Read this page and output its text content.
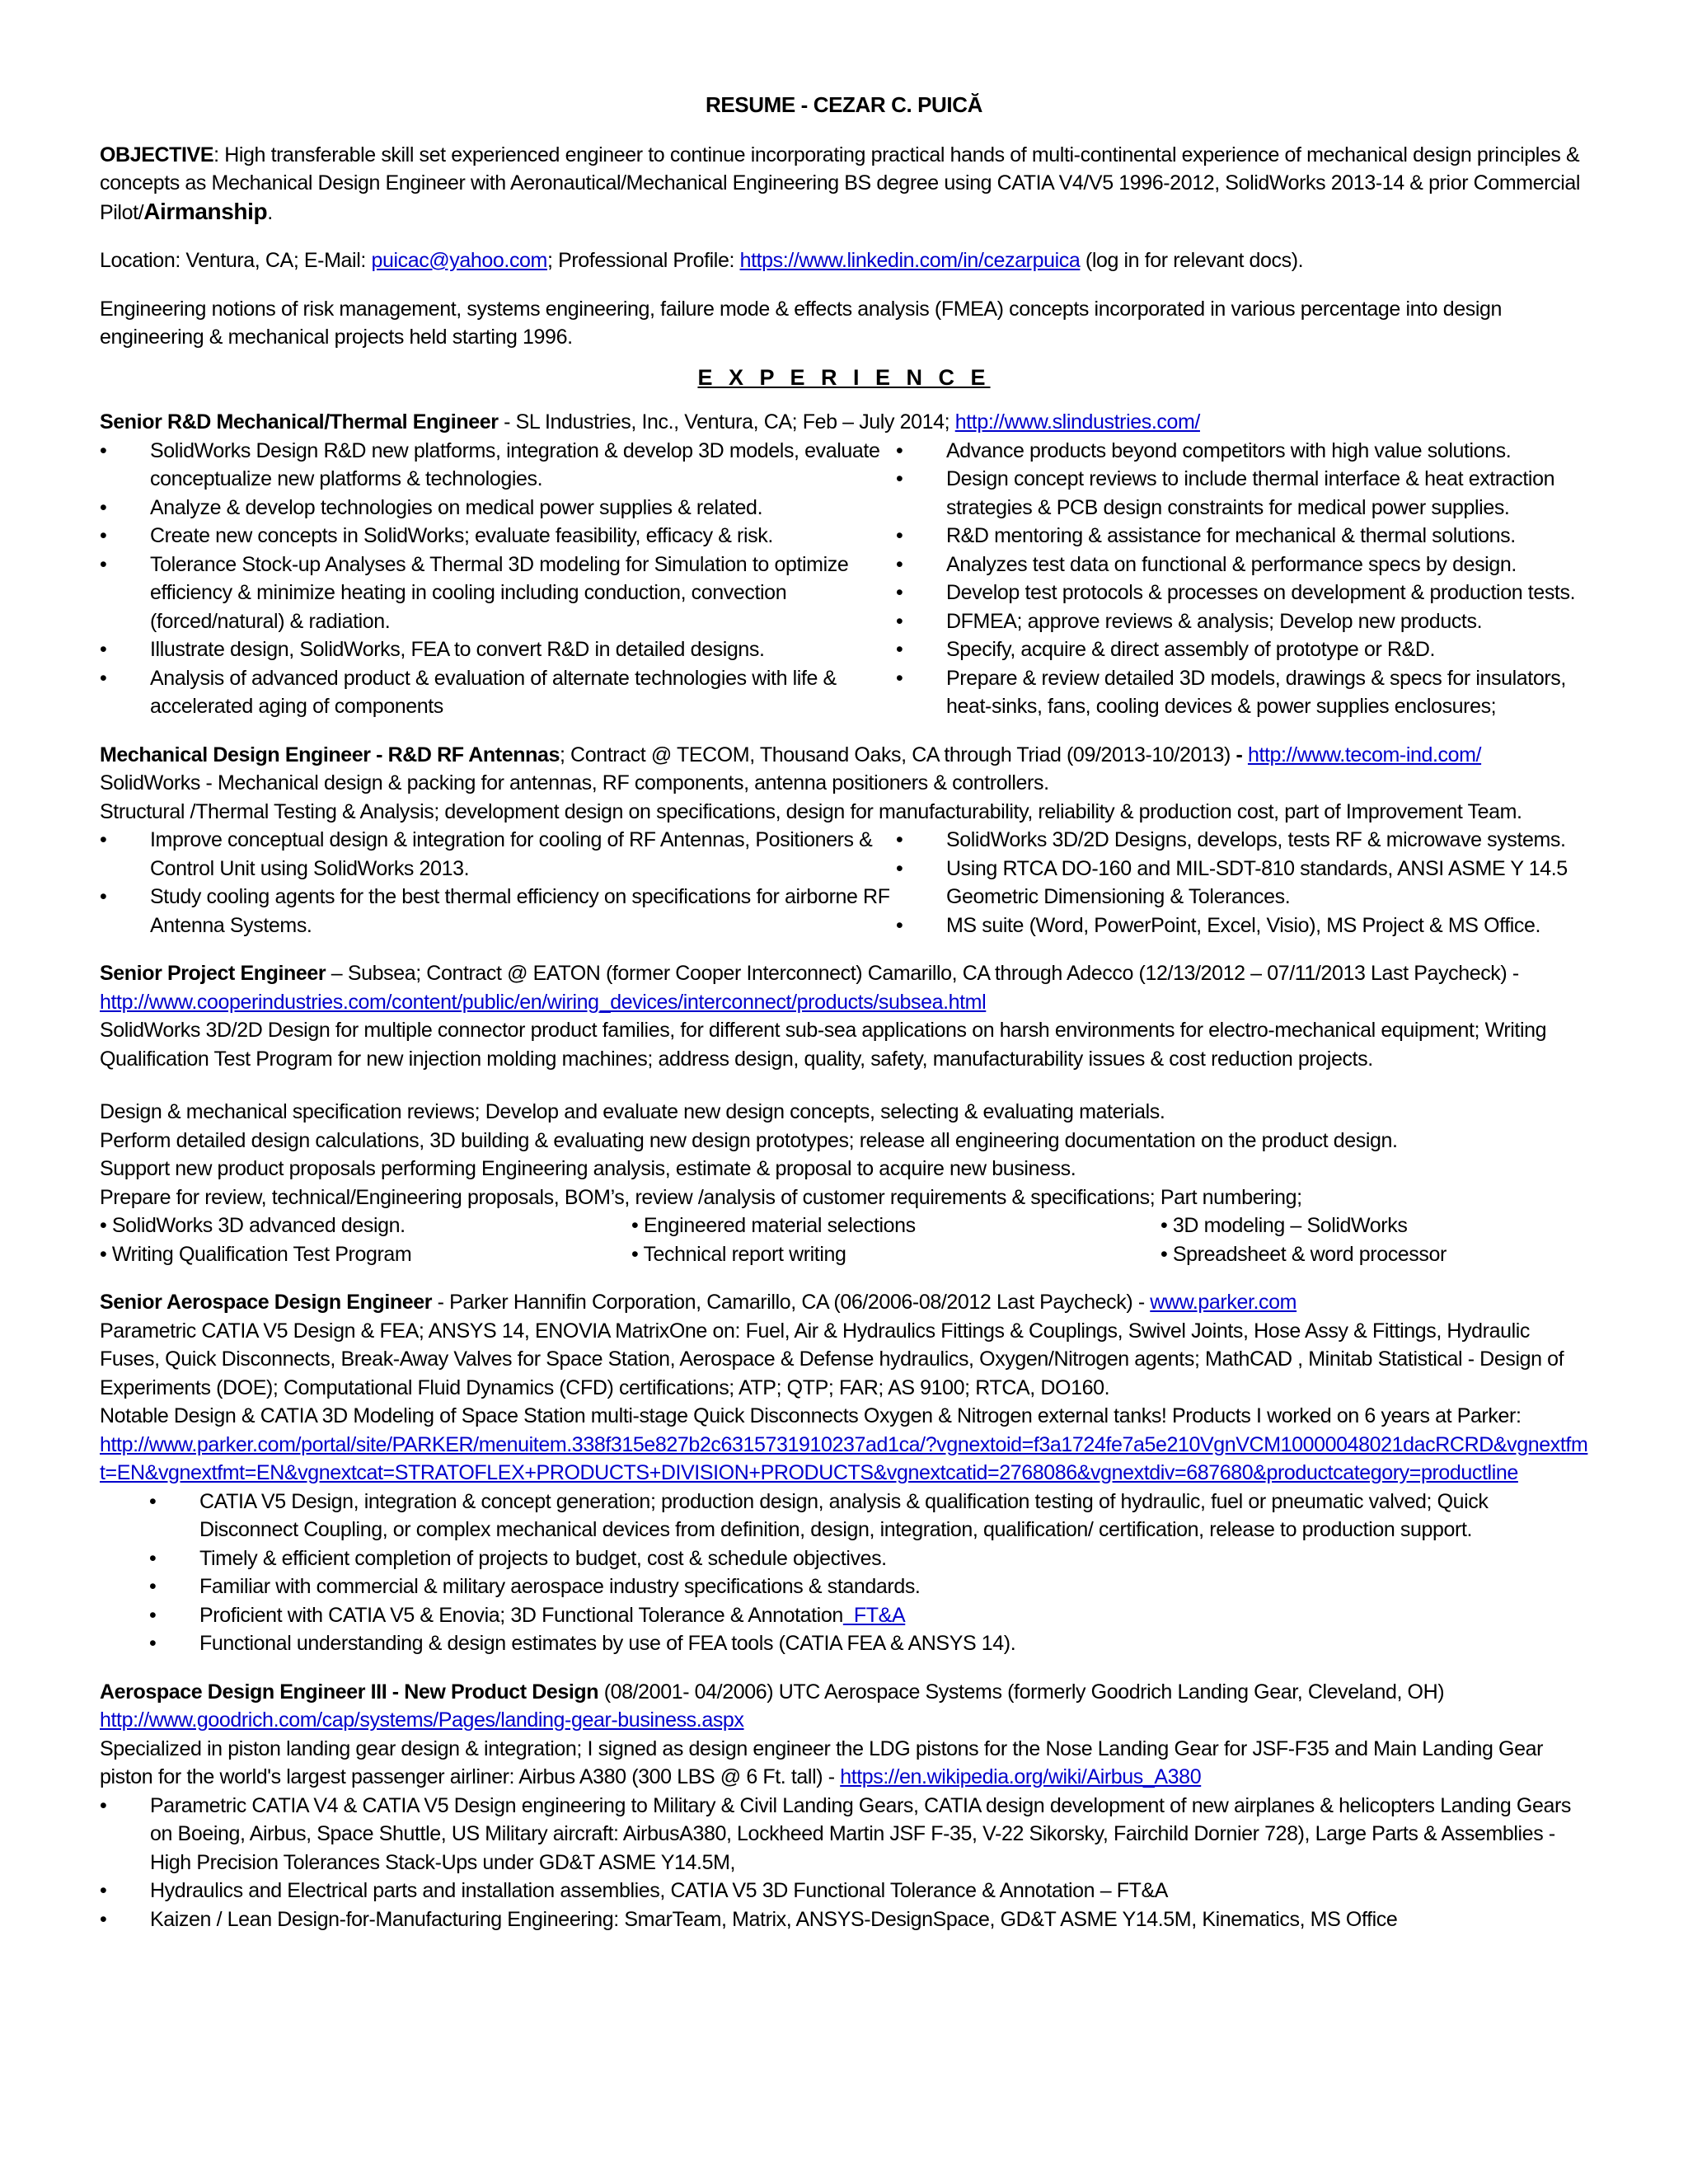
RESUME - CEZAR C. PUICĂ

OBJECTIVE: High transferable skill set experienced engineer to continue incorporating practical hands of multi-continental experience of mechanical design principles & concepts as Mechanical Design Engineer with Aeronautical/Mechanical Engineering BS degree using CATIA V4/V5 1996-2012, SolidWorks 2013-14 & prior Commercial Pilot/Airmanship.

Location: Ventura, CA; E-Mail: puicac@yahoo.com; Professional Profile: https://www.linkedin.com/in/cezarpuica (log in for relevant docs).

Engineering notions of risk management, systems engineering, failure mode & effects analysis (FMEA) concepts incorporated in various percentage into design engineering & mechanical projects held starting 1996.

E X P E R I E N C E

Senior R&D Mechanical/Thermal Engineer - SL Industries, Inc., Ventura, CA; Feb – July 2014; http://www.slindustries.com/

• SolidWorks Design R&D new platforms, integration & develop 3D models, evaluate conceptualize new platforms & technologies.
• Analyze & develop technologies on medical power supplies & related.
• Create new concepts in SolidWorks; evaluate feasibility, efficacy & risk.
• Tolerance Stock-up Analyses & Thermal 3D modeling for Simulation to optimize efficiency & minimize heating in cooling including conduction, convection (forced/natural) & radiation.
• Illustrate design, SolidWorks, FEA to convert R&D in detailed designs.
• Analysis of advanced product & evaluation of alternate technologies with life & accelerated aging of components
• Advance products beyond competitors with high value solutions.
• Design concept reviews to include thermal interface & heat extraction strategies & PCB design constraints for medical power supplies.
• R&D mentoring & assistance for mechanical & thermal solutions.
• Analyzes test data on functional & performance specs by design.
• Develop test protocols & processes on development & production tests.
• DFMEA; approve reviews & analysis; Develop new products.
• Specify, acquire & direct assembly of prototype or R&D.
• Prepare & review detailed 3D models, drawings & specs for insulators, heat-sinks, fans, cooling devices & power supplies enclosures;

Mechanical Design Engineer - R&D RF Antennas; Contract @ TECOM, Thousand Oaks, CA through Triad (09/2013-10/2013) - http://www.tecom-ind.com/

SolidWorks - Mechanical design & packing for antennas, RF components, antenna positioners & controllers.

Structural /Thermal Testing & Analysis; development design on specifications, design for manufacturability, reliability & production cost, part of Improvement Team.

• Improve conceptual design & integration for cooling of RF Antennas, Positioners & Control Unit using SolidWorks 2013.
• Study cooling agents for the best thermal efficiency on specifications for airborne RF Antenna Systems.
• SolidWorks 3D/2D Designs, develops, tests RF & microwave systems.
• Using RTCA DO-160 and MIL-SDT-810 standards, ANSI ASME Y 14.5 Geometric Dimensioning & Tolerances.
• MS suite (Word, PowerPoint, Excel, Visio), MS Project & MS Office.

Senior Project Engineer – Subsea; Contract @ EATON (former Cooper Interconnect) Camarillo, CA through Adecco (12/13/2012 – 07/11/2013 Last Paycheck) -

http://www.cooperindustries.com/content/public/en/wiring_devices/interconnect/products/subsea.html

SolidWorks 3D/2D Design for multiple connector product families, for different sub-sea applications on harsh environments for electro-mechanical equipment; Writing Qualification Test Program for new injection molding machines; address design, quality, safety, manufacturability issues & cost reduction projects.

Design & mechanical specification reviews; Develop and evaluate new design concepts, selecting & evaluating materials.

Perform detailed design calculations, 3D building & evaluating new design prototypes; release all engineering documentation on the product design.

Support new product proposals performing Engineering analysis, estimate & proposal to acquire new business.

Prepare for review, technical/Engineering proposals, BOM’s, review /analysis of customer requirements & specifications; Part numbering;

• SolidWorks 3D advanced design.	• Engineered material selections	• 3D modeling – SolidWorks
• Writing Qualification Test Program	• Technical report writing	• Spreadsheet & word processor

Senior Aerospace Design Engineer - Parker Hannifin Corporation, Camarillo, CA (06/2006-08/2012 Last Paycheck) - www.parker.com

Parametric CATIA V5 Design & FEA; ANSYS 14, ENOVIA MatrixOne on: Fuel, Air & Hydraulics Fittings & Couplings, Swivel Joints, Hose Assy & Fittings, Hydraulic Fuses, Quick Disconnects, Break-Away Valves for Space Station, Aerospace & Defense hydraulics, Oxygen/Nitrogen agents; MathCAD , Minitab Statistical - Design of Experiments (DOE); Computational Fluid Dynamics (CFD) certifications; ATP; QTP; FAR; AS 9100; RTCA, DO160.

Notable Design & CATIA 3D Modeling of Space Station multi-stage Quick Disconnects Oxygen & Nitrogen external tanks! Products I worked on 6 years at Parker:

http://www.parker.com/portal/site/PARKER/menuitem.338f315e827b2c6315731910237ad1ca/?vgnextoid=f3a1724fe7a5e210VgnVCM10000048021dacRCRD&vgnextfmt=EN&vgnextfmt=EN&vgnextcat=STRATOFLEX+PRODUCTS+DIVISION+PRODUCTS&vgnextcatid=2768086&vgnextdiv=687680&productcategory=productline

• CATIA V5 Design, integration & concept generation; production design, analysis & qualification testing of hydraulic, fuel or pneumatic valved; Quick Disconnect Coupling, or complex mechanical devices from definition, design, integration, qualification/ certification, release to production support.
• Timely & efficient completion of projects to budget, cost & schedule objectives.
• Familiar with commercial & military aerospace industry specifications & standards.
• Proficient with CATIA V5 & Enovia; 3D Functional Tolerance & Annotation  FT&A
• Functional understanding & design estimates by use of FEA tools (CATIA FEA & ANSYS 14).

Aerospace Design Engineer III - New Product Design (08/2001- 04/2006) UTC Aerospace Systems (formerly Goodrich Landing Gear, Cleveland, OH)

http://www.goodrich.com/cap/systems/Pages/landing-gear-business.aspx

Specialized in piston landing gear design & integration; I signed as design engineer the LDG pistons for the Nose Landing Gear for JSF-F35 and Main Landing Gear piston for the world's largest passenger airliner: Airbus A380 (300 LBS @ 6 Ft. tall) - https://en.wikipedia.org/wiki/Airbus_A380

• Parametric CATIA V4 & CATIA V5 Design engineering to Military & Civil Landing Gears, CATIA design development of new airplanes & helicopters Landing Gears on Boeing, Airbus, Space Shuttle, US Military aircraft: AirbusA380, Lockheed Martin JSF F-35, V-22 Sikorsky, Fairchild Dornier 728), Large Parts & Assemblies - High Precision Tolerances Stack-Ups under GD&T ASME Y14.5M,
• Hydraulics and Electrical parts and installation assemblies, CATIA V5 3D Functional Tolerance & Annotation – FT&A
• Kaizen / Lean Design-for-Manufacturing Engineering: SmarTeam, Matrix, ANSYS-DesignSpace, GD&T ASME Y14.5M, Kinematics, MS Office
